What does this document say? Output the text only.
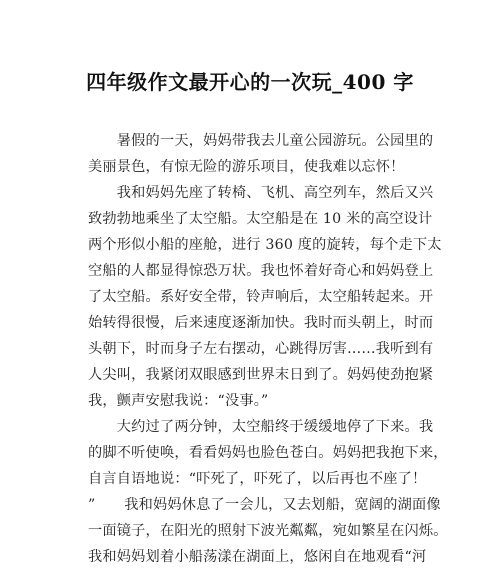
四年级作文最开心的一次玩_400 字
　　暑假的一天，妈妈带我去儿童公园游玩。公园里的
美丽景色，有惊无险的游乐项目，使我难以忘怀！
　　我和妈妈先座了转椅、飞机、高空列车，然后又兴
致勃勃地乘坐了太空船。太空船是在 10 米的高空设计
两个形似小船的座舱，进行 360 度的旋转，每个走下太
空船的人都显得惊恐万状。我也怀着好奇心和妈妈登上
了太空船。系好安全带，铃声响后，太空船转起来。开
始转得很慢，后来速度逐渐加快。我时而头朝上，时而
头朝下，时而身子左右摆动，心跳得厉害……我听到有
人尖叫，我紧闭双眼感到世界末日到了。妈妈使劲抱紧
我，颤声安慰我说：“没事。”
　　大约过了两分钟，太空船终于缓缓地停了下来。我
的脚不听使唤，看看妈妈也脸色苍白。妈妈把我抱下来，
自言自语地说：“吓死了，吓死了，以后再也不座了！
”　　我和妈妈休息了一会儿，又去划船，宽阔的湖面像
一面镜子，在阳光的照射下波光粼粼，宛如繁星在闪烁。
我和妈妈划着小船荡漾在湖面上，悠闲自在地观看“河
